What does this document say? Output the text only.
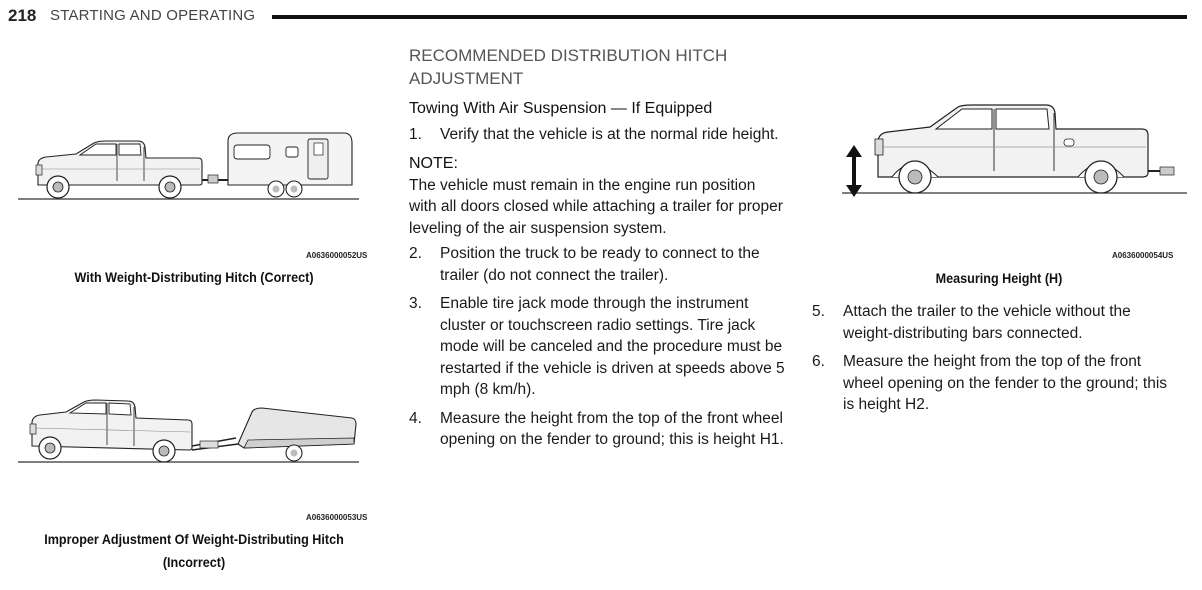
218 STARTING AND OPERATING
A0636000052US
With Weight-Distributing Hitch (Correct)
A0636000053US
Improper Adjustment Of Weight-Distributing Hitch
(Incorrect)
RECOMMENDED DISTRIBUTION HITCH
ADJUSTMENT
Towing With Air Suspension — If Equipped
1. Verify that the vehicle is at the normal ride height.
NOTE:
The vehicle must remain in the engine run position with all doors closed while attaching a trailer for proper leveling of the air suspension system.
2. Position the truck to be ready to connect to the trailer (do not connect the trailer).
3. Enable tire jack mode through the instrument cluster or touchscreen radio settings. Tire jack mode will be canceled and the procedure must be restarted if the vehicle is driven at speeds above 5 mph (8 km/h).
4. Measure the height from the top of the front wheel opening on the fender to ground; this is height H1.
A0636000054US
Measuring Height (H)
5. Attach the trailer to the vehicle without the weight-distributing bars connected.
6. Measure the height from the top of the front wheel opening on the fender to the ground; this is height H2.
